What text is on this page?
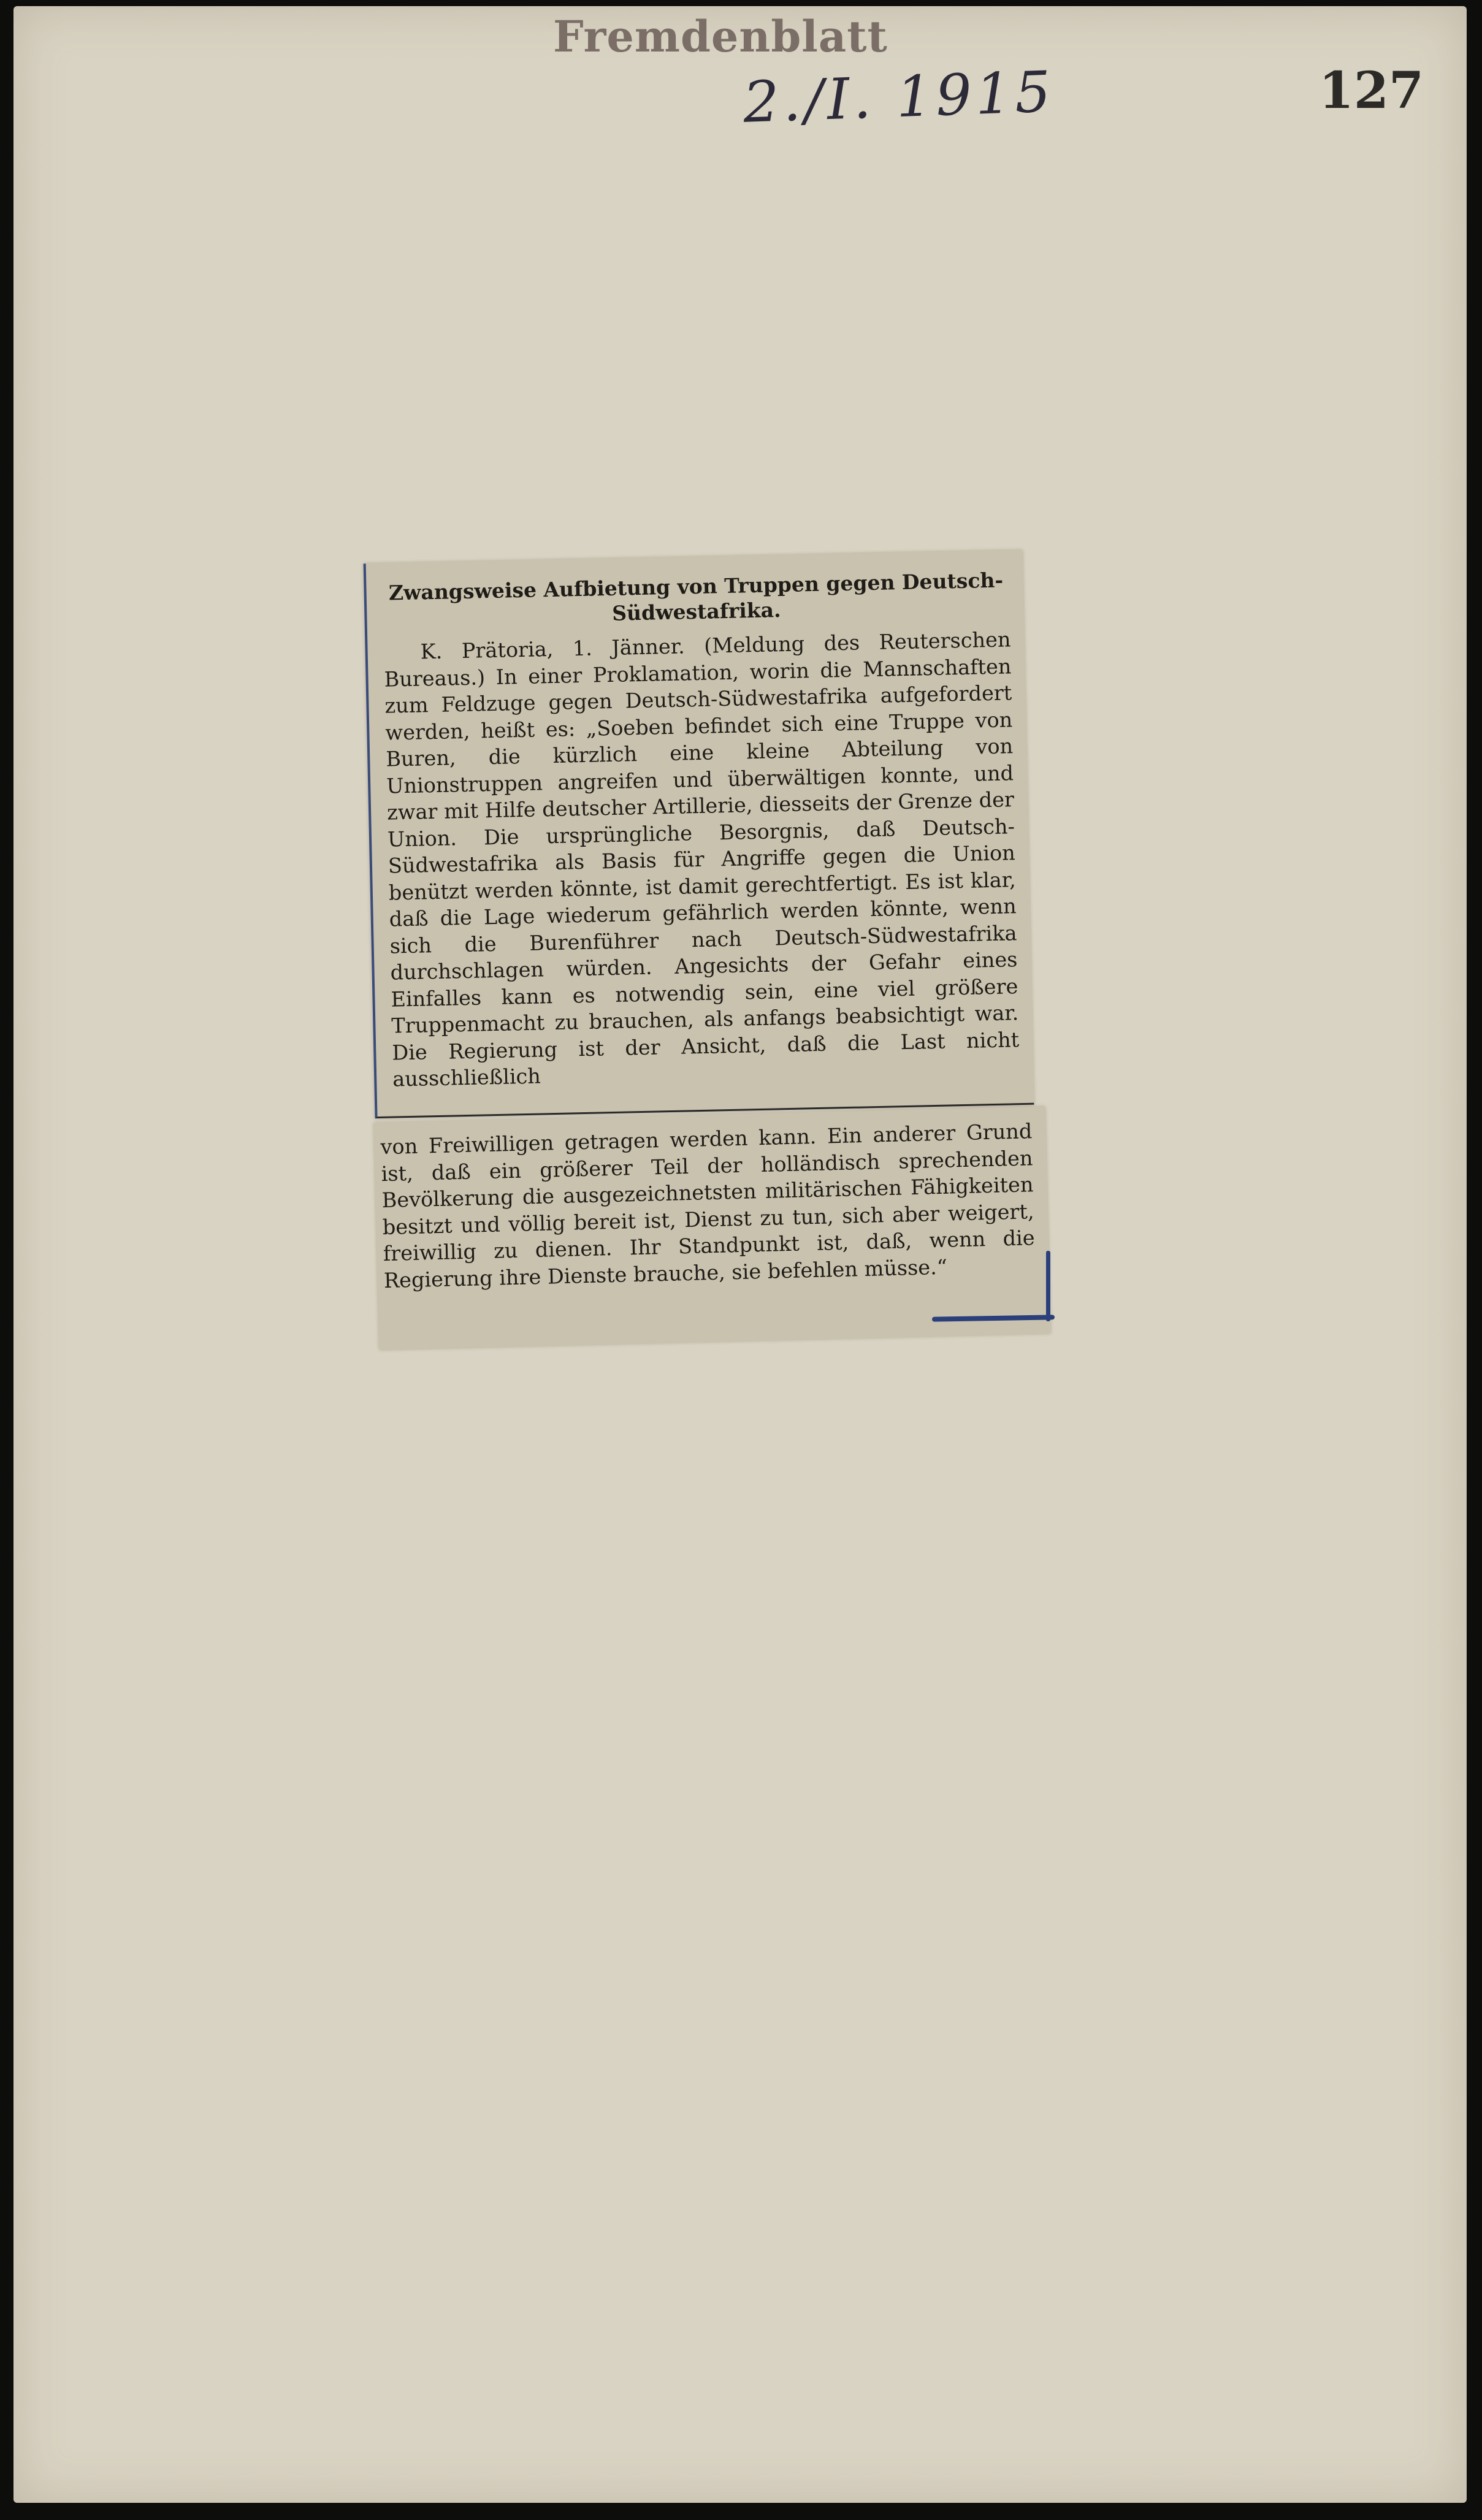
Fremdenblatt
2./I. 1915	127

Zwangsweise Aufbietung von Truppen gegen Deutsch-Südwestafrika.

K. Prätoria, 1. Jänner. (Meldung des Reuterschen Bureaus.) In einer Proklamation, worin die Mannschaften zum Feldzuge gegen Deutsch-Südwestafrika aufgefordert werden, heißt es: „Soeben befindet sich eine Truppe von Buren, die kürzlich eine kleine Abteilung von Unionstruppen angreifen und überwältigen konnte, und zwar mit Hilfe deutscher Artillerie, diesseits der Grenze der Union. Die ursprüngliche Besorgnis, daß Deutsch-Südwestafrika als Basis für Angriffe gegen die Union benützt werden könnte, ist damit gerechtfertigt. Es ist klar, daß die Lage wiederum gefährlich werden könnte, wenn sich die Burenführer nach Deutsch-Südwestafrika durchschlagen würden. Angesichts der Gefahr eines Einfalles kann es notwendig sein, eine viel größere Truppenmacht zu brauchen, als anfangs beabsichtigt war. Die Regierung ist der Ansicht, daß die Last nicht ausschließlich

von Freiwilligen getragen werden kann. Ein anderer Grund ist, daß ein größerer Teil der holländisch sprechenden Bevölkerung die ausgezeichnetsten militärischen Fähigkeiten besitzt und völlig bereit ist, Dienst zu tun, sich aber weigert, freiwillig zu dienen. Ihr Standpunkt ist, daß, wenn die Regierung ihre Dienste brauche, sie befehlen müsse.“
